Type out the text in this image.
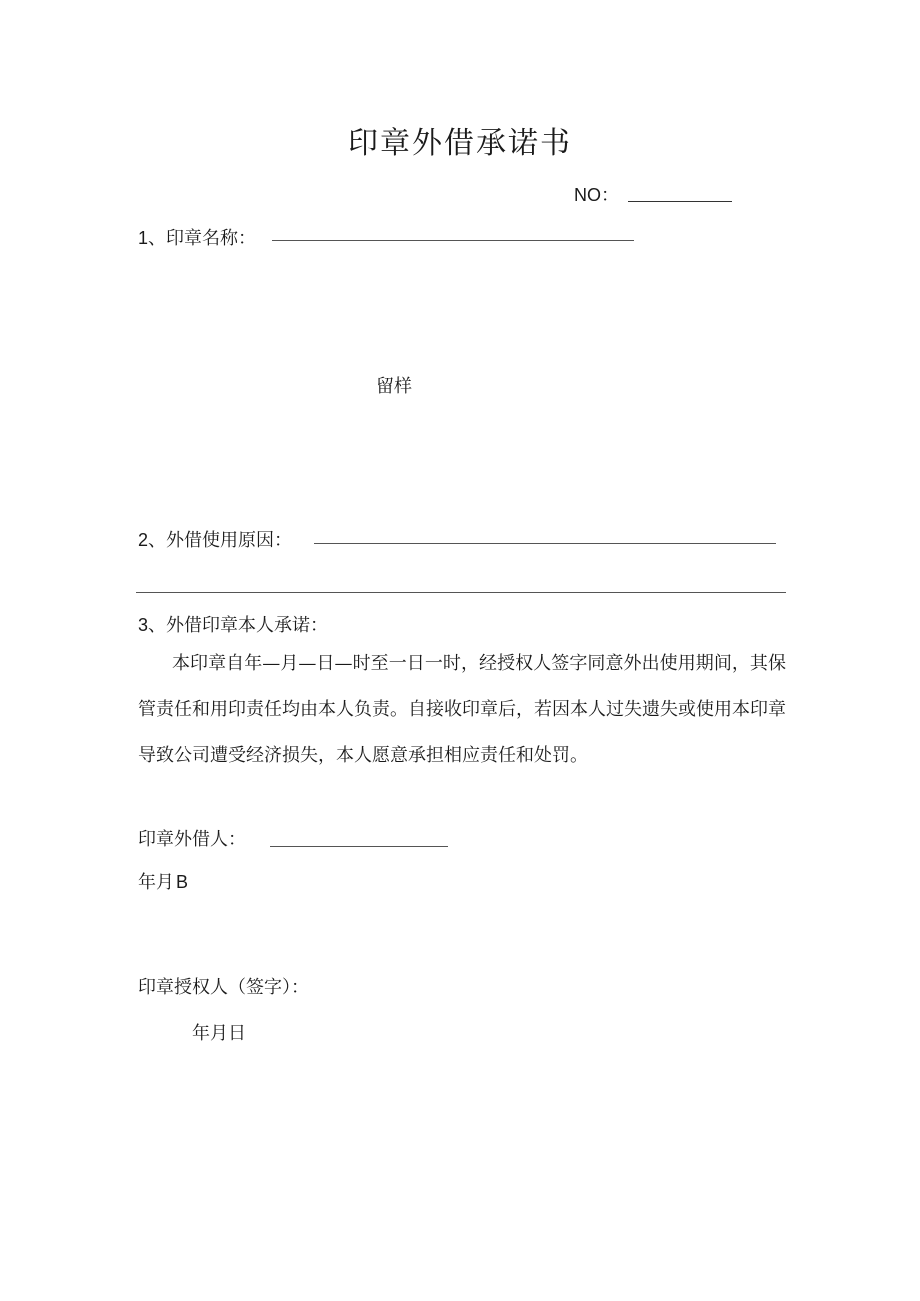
印章外借承诺书
NO：
1、印章名称：
留样
2、外借使用原因：
3、外借印章本人承诺：
本印章自年—月—日—时至一日一时，经授权人签字同意外出使用期间，其保管责任和用印责任均由本人负责。自接收印章后，若因本人过失遗失或使用本印章导致公司遭受经济损失，本人愿意承担相应责任和处罚。
印章外借人：
年月 B
印章授权人（签字）：
年月日
